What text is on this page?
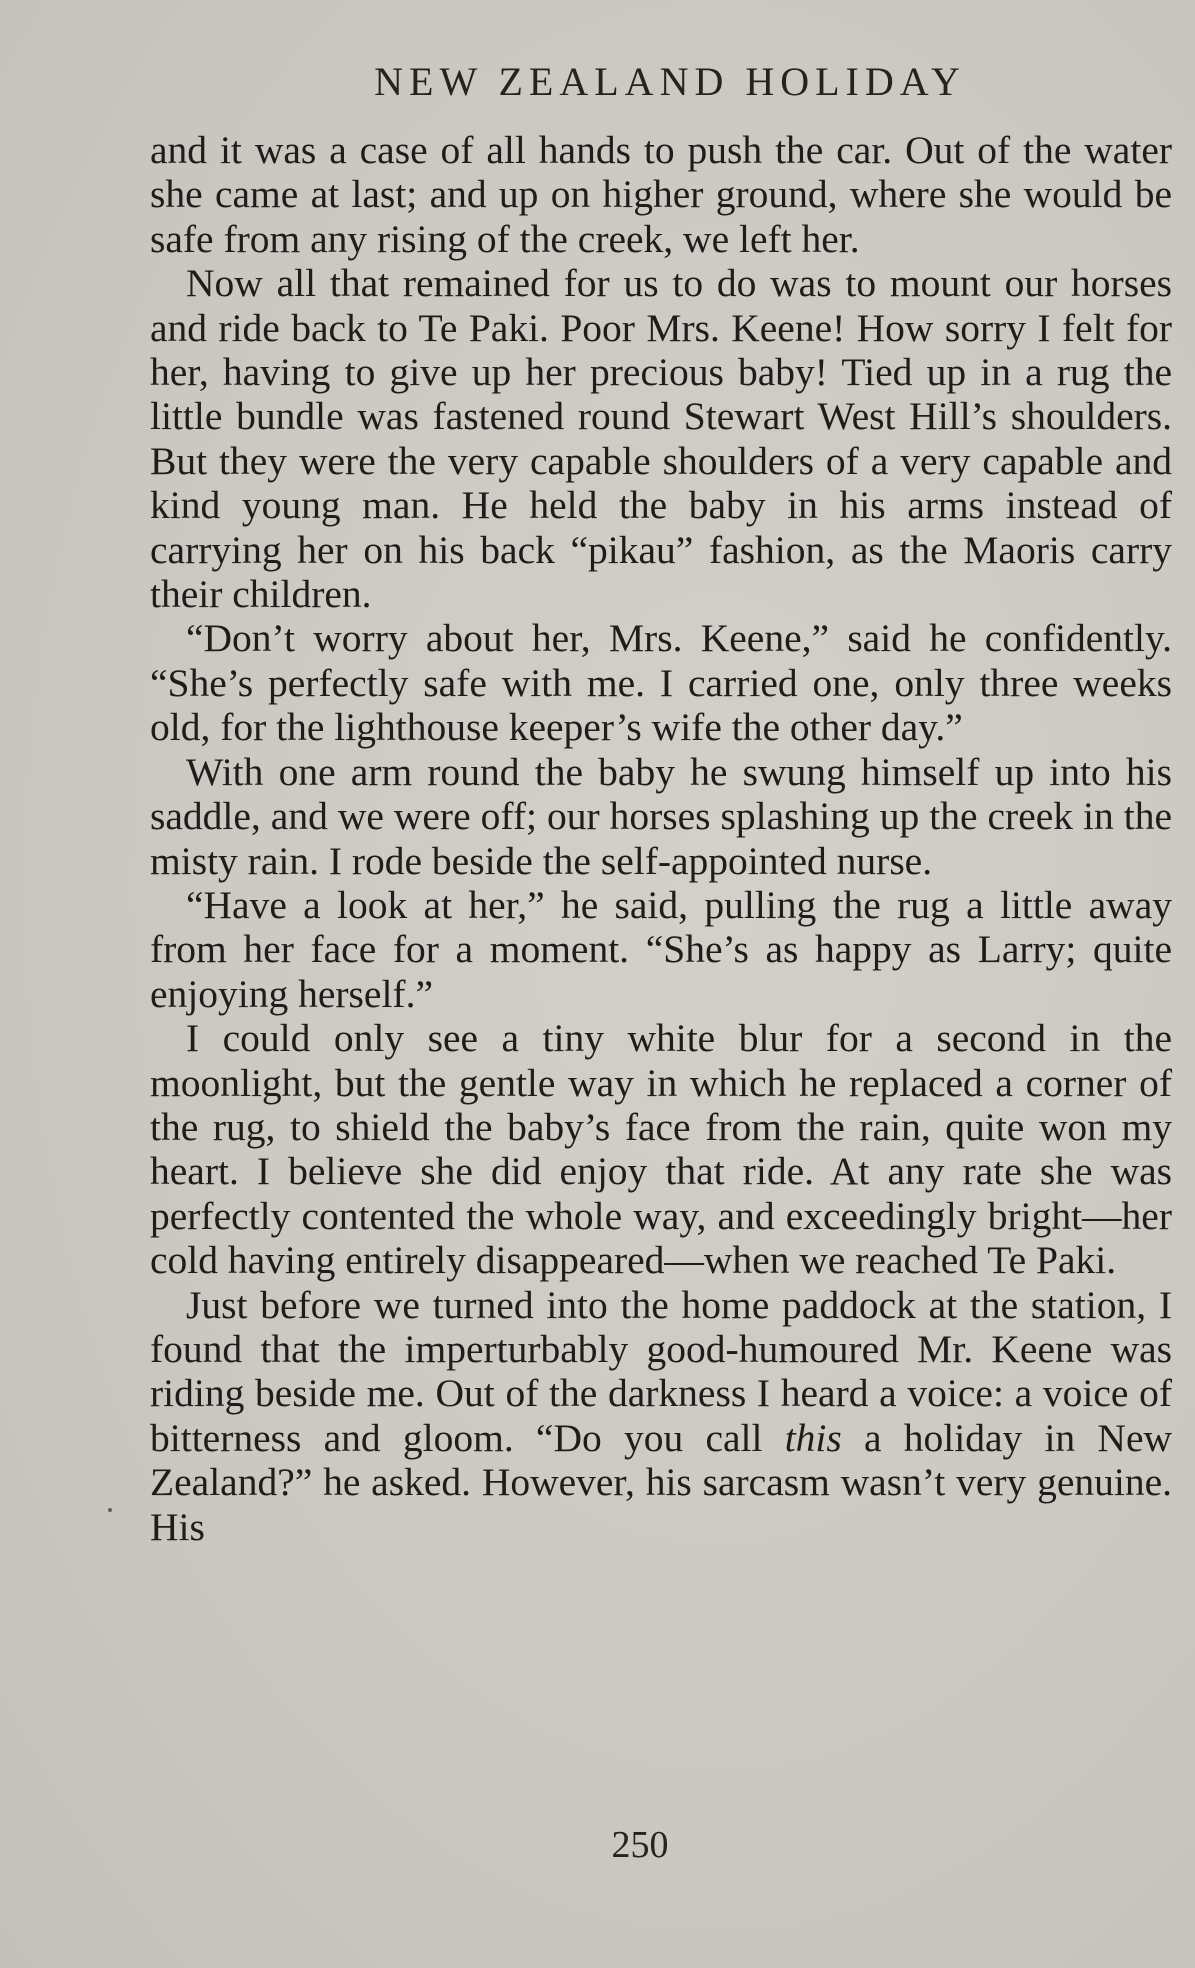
NEW ZEALAND HOLIDAY

and it was a case of all hands to push the car. Out of the water she came at last; and up on higher ground, where she would be safe from any rising of the creek, we left her.

Now all that remained for us to do was to mount our horses and ride back to Te Paki. Poor Mrs. Keene! How sorry I felt for her, having to give up her precious baby! Tied up in a rug the little bundle was fastened round Stewart West Hill’s shoulders. But they were the very capable shoulders of a very capable and kind young man. He held the baby in his arms instead of carrying her on his back “pikau” fashion, as the Maoris carry their children.

“Don’t worry about her, Mrs. Keene,” said he confidently. “She’s perfectly safe with me. I carried one, only three weeks old, for the lighthouse keeper’s wife the other day.”

With one arm round the baby he swung himself up into his saddle, and we were off; our horses splashing up the creek in the misty rain. I rode beside the self-appointed nurse.

“Have a look at her,” he said, pulling the rug a little away from her face for a moment. “She’s as happy as Larry; quite enjoying herself.”

I could only see a tiny white blur for a second in the moonlight, but the gentle way in which he replaced a corner of the rug, to shield the baby’s face from the rain, quite won my heart. I believe she did enjoy that ride. At any rate she was perfectly contented the whole way, and exceedingly bright—her cold having entirely disappeared—when we reached Te Paki.

Just before we turned into the home paddock at the station, I found that the imperturbably good-humoured Mr. Keene was riding beside me. Out of the darkness I heard a voice: a voice of bitterness and gloom. “Do you call this a holiday in New Zealand?” he asked. However, his sarcasm wasn’t very genuine. His

250
